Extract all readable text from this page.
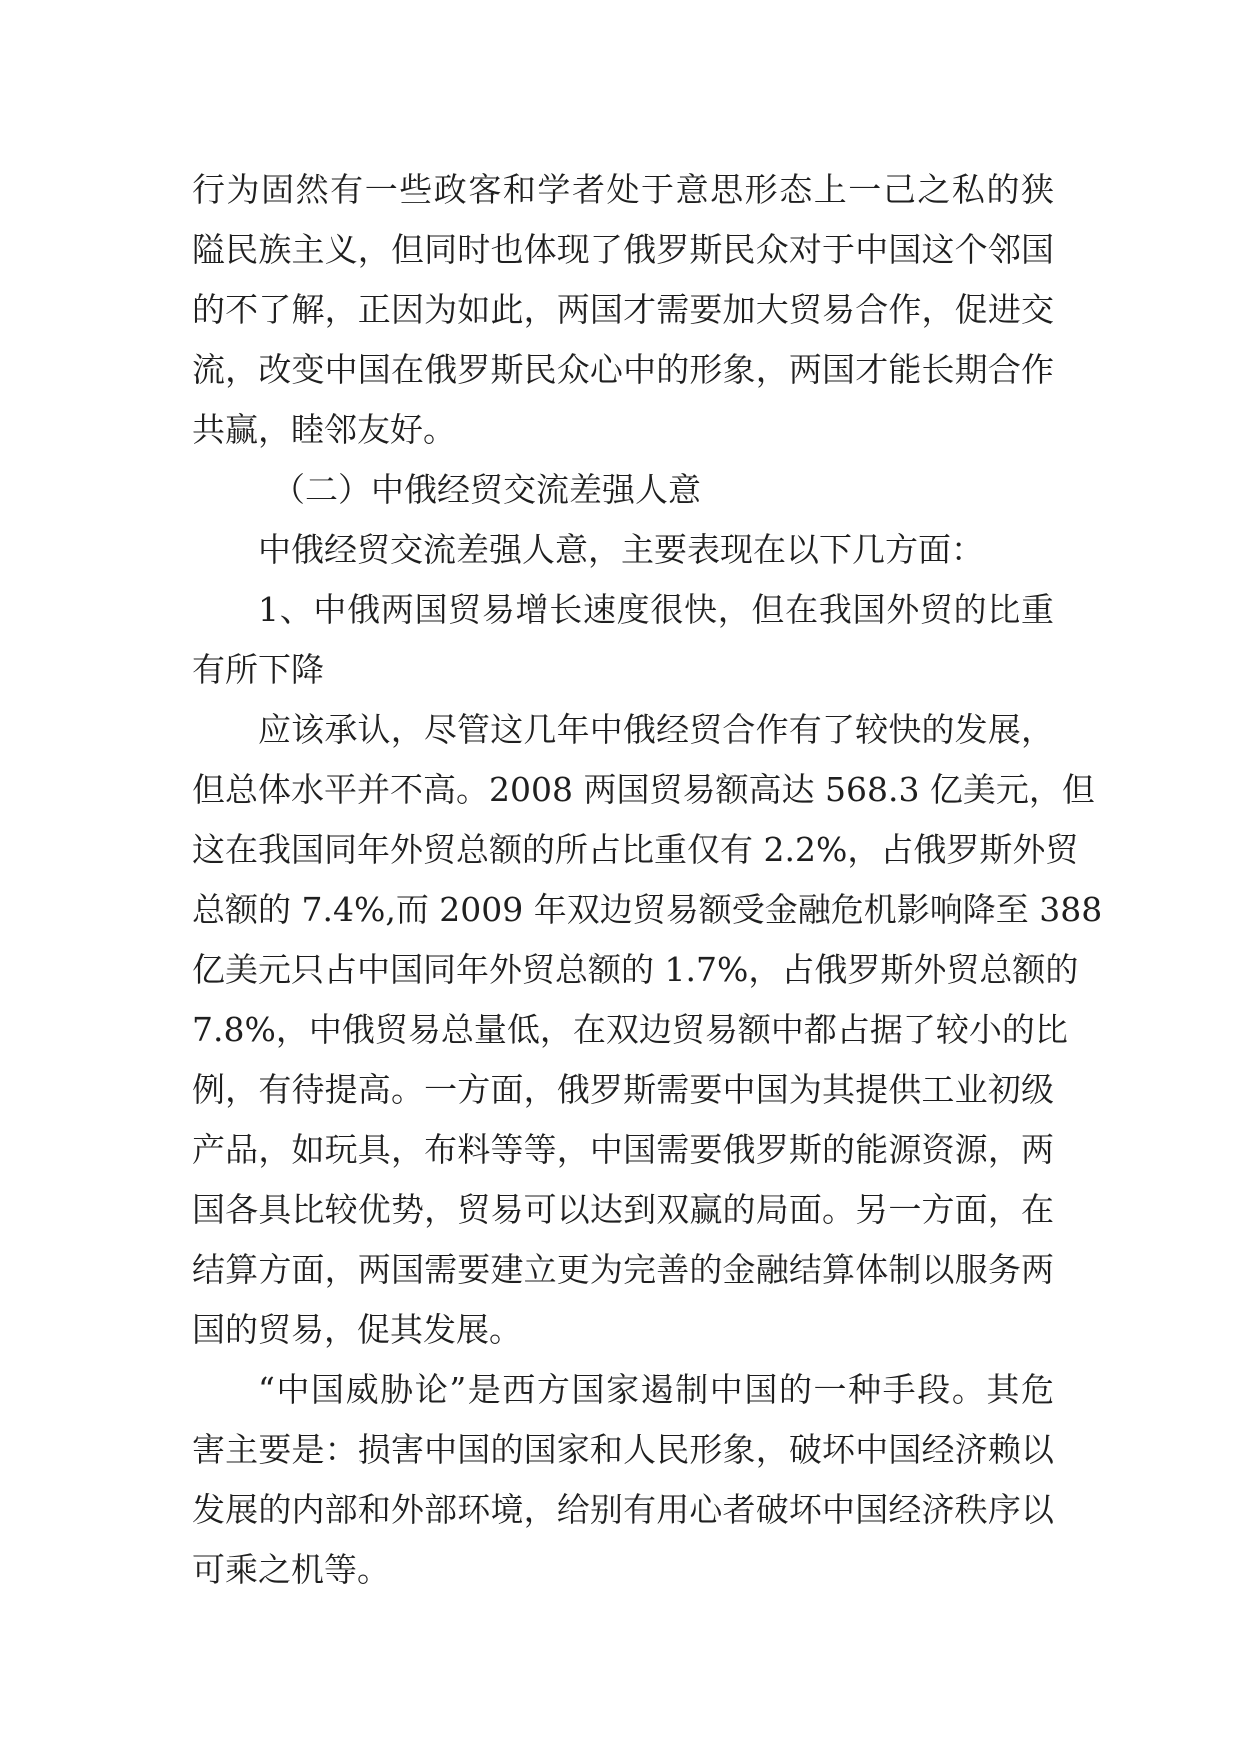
行为固然有一些政客和学者处于意思形态上一己之私的狭
隘民族主义，但同时也体现了俄罗斯民众对于中国这个邻国
的不了解，正因为如此，两国才需要加大贸易合作，促进交
流，改变中国在俄罗斯民众心中的形象，两国才能长期合作
共赢，睦邻友好。
（二）中俄经贸交流差强人意
中俄经贸交流差强人意，主要表现在以下几方面：
1、中俄两国贸易增长速度很快，但在我国外贸的比重
有所下降
应该承认，尽管这几年中俄经贸合作有了较快的发展，
但总体水平并不高。2008 两国贸易额高达 568.3 亿美元，但
这在我国同年外贸总额的所占比重仅有 2.2%，占俄罗斯外贸
总额的 7.4%,而 2009 年双边贸易额受金融危机影响降至 388
亿美元只占中国同年外贸总额的 1.7%，占俄罗斯外贸总额的
7.8%，中俄贸易总量低，在双边贸易额中都占据了较小的比
例，有待提高。一方面，俄罗斯需要中国为其提供工业初级
产品，如玩具，布料等等，中国需要俄罗斯的能源资源，两
国各具比较优势，贸易可以达到双赢的局面。另一方面，在
结算方面，两国需要建立更为完善的金融结算体制以服务两
国的贸易，促其发展。
“中国威胁论”是西方国家遏制中国的一种手段。其危
害主要是：损害中国的国家和人民形象，破坏中国经济赖以
发展的内部和外部环境，给别有用心者破坏中国经济秩序以
可乘之机等。
